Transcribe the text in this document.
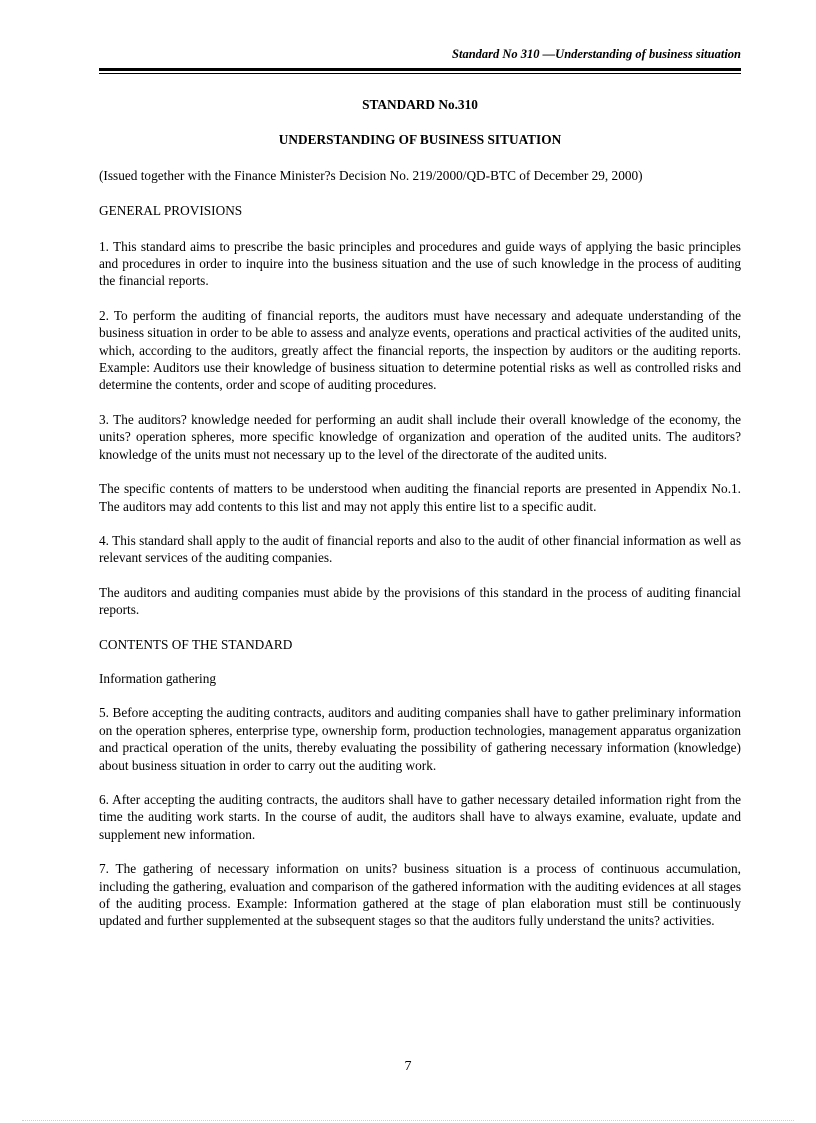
Standard No 310 —Understanding of business situation

STANDARD No.310

UNDERSTANDING OF BUSINESS SITUATION

(Issued together with the Finance Minister?s Decision No. 219/2000/QD-BTC of December 29, 2000)

GENERAL PROVISIONS

1. This standard aims to prescribe the basic principles and procedures and guide ways of applying the basic principles and procedures in order to inquire into the business situation and the use of such knowledge in the process of auditing the financial reports.

2. To perform the auditing of financial reports, the auditors must have necessary and adequate understanding of the business situation in order to be able to assess and analyze events, operations and practical activities of the audited units, which, according to the auditors, greatly affect the financial reports, the inspection by auditors or the auditing reports. Example: Auditors use their knowledge of business situation to determine potential risks as well as controlled risks and determine the contents, order and scope of auditing procedures.

3. The auditors? knowledge needed for performing an audit shall include their overall knowledge of the economy, the units? operation spheres, more specific knowledge of organization and operation of the audited units. The auditors? knowledge of the units must not necessary up to the level of the directorate of the audited units.

The specific contents of matters to be understood when auditing the financial reports are presented in Appendix No.1. The auditors may add contents to this list and may not apply this entire list to a specific audit.

4. This standard shall apply to the audit of financial reports and also to the audit of other financial information as well as relevant services of the auditing companies.

The auditors and auditing companies must abide by the provisions of this standard in the process of auditing financial reports.

CONTENTS OF THE STANDARD

Information gathering

5. Before accepting the auditing contracts, auditors and auditing companies shall have to gather preliminary information on the operation spheres, enterprise type, ownership form, production technologies, management apparatus organization and practical operation of the units, thereby evaluating the possibility of gathering necessary information (knowledge) about business situation in order to carry out the auditing work.

6. After accepting the auditing contracts, the auditors shall have to gather necessary detailed information right from the time the auditing work starts. In the course of audit, the auditors shall have to always examine, evaluate, update and supplement new information.

7. The gathering of necessary information on units? business situation is a process of continuous accumulation, including the gathering, evaluation and comparison of the gathered information with the auditing evidences at all stages of the auditing process. Example: Information gathered at the stage of plan elaboration must still be continuously updated and further supplemented at the subsequent stages so that the auditors fully understand the units? activities.

7
